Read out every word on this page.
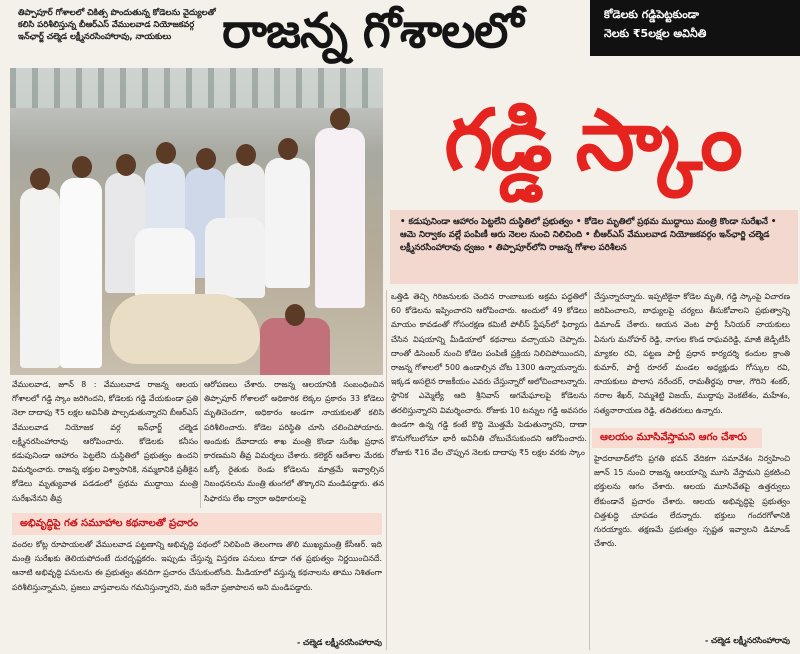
తిప్పాపూర్ గోశాలలో చికిత్స పొందుతున్న కోడెలను వైద్యులతో కలిసి పరిశీలిస్తున్న బీఆర్ఎస్ వేములవాడ నియోజకవర్గ ఇన్‌ఛార్జ్ చల్మెడ లక్ష్మీనరసింహారావు, నాయకులు	రాజన్న గోశాలలో	కోడెలకు గడ్డిపెట్టకుండా
నెలకు ₹5లక్షల అవినీతి
గడ్డి స్కాం
• కడుపునిండా ఆహారం పెట్టలేని దుస్థితిలో ప్రభుత్వం • కోడెల మృతిలో ప్రథమ ముద్దాయి మంత్రి కొండా సురేఖనే • ఆమె నిర్వాకం వల్లే పంపిణీ ఆరు నెలల నుంచి నిలిచింది • బీఆర్ఎస్ వేములవాడ నియోజకవర్గం ఇన్‌ఛార్జి చల్మెడ లక్ష్మీనరసింహారావు ధ్వజం • తిప్పాపూర్‌లోని రాజన్న గోశాల పరిశీలన
వేములవాడ, జూన్ 8 : వేములవాడ రాజన్న ఆలయ గోశాలలో గడ్డి స్కాం జరిగిందని, కోడెలకు గడ్డి వేయకుండా ప్రతి నెలా దాదాపు ₹5 లక్షల అవినీతి పాల్పడుతున్నారని బీఆర్ఎస్ వేములవాడ నియోజక వర్గ ఇన్‌ఛార్జ్ చల్మెడ లక్ష్మీనరసింహారావు ఆరోపించారు. కోడెలకు కనీసం కడుపునిండా ఆహారం పెట్టలేని దుస్థితిలో ప్రభుత్వం ఉందని విమర్శించారు. రాజన్న భక్తుల విశ్వాసానికి, నమ్మకానికి ప్రతీకైన కోడెలు మృత్యువాత పడడంలో ప్రథమ ముద్దాయి మంత్రి సురేఖనేనని తీవ్ర
ఆరోపణలు చేశారు. రాజన్న ఆలయానికి సంబంధించిన తిప్పాపూర్ గోశాలలో అధికారిక లెక్కల ప్రకారం 33 కోడెలు మృతిచెందగా, అధికారం అండగా నాయకులతో కలిసి పరిశీలించారు. కోడెల పరిస్థితి చూసి చలించిపోయారు. అందుకు దేవాదాయ శాఖ మంత్రి కొండా సురేఖ ప్రధాన కారణమని తీవ్ర విమర్శలు చేశారు. కలెక్టర్ ఆదేశాల మేరకు ఒక్కో రైతుకు రెండు కోడెలను మాత్రమే ఇవ్వాల్సిన నిబంధనలను మంత్రి తుంగలో తొక్కారని మండిపడ్డారు. తన సిఫారసు లేఖ ద్వారా అధికారులపై
అభివృద్ధిపై గత సమూహాల కథనాలతో ప్రచారం
వందల కోట్ల రూపాయలతో వేములవాడ పట్టణాన్ని అభివృద్ధి పథంలో నిలిపింది తెలంగాణ తొలి ముఖ్యమంత్రి కేసీఆర్. ఇది మంత్రి సురేఖకు తెలియపోదంటే దురదృష్టకరం. ఇప్పుడు చేస్తున్న విస్తరణ పనులు కూడా గత ప్రభుత్వం నిర్ణయించినదే. ఆనాటి అభివృద్ధి పనులను ఈ ప్రభుత్వం తనదిగా ప్రచారం చేసుకుంటోంది. మీడియాలో వస్తున్న కథనాలను తాము నిశితంగా పరిశీలిస్తున్నామని, ప్రజలు వాస్తవాలను గమనిస్తున్నారని, మరి ఇదేనా ప్రజాపాలన అని మండిపడ్డారు.
- చల్మెడ లక్ష్మీనరసింహారావు
ఒత్తిడి తెచ్చి గిరిజనులకు చెందిన రాంబాబుకు అక్రమ పద్ధతిలో 60 కోడెలను ఇప్పించారని ఆరోపించారు. అందులో 49 కోడెలు మాయం కావడంతో గోసంరక్షణ కమిటీ పోలీస్ స్టేషన్‌లో ఫిర్యాదు చేసిన విషయాన్ని మీడియాలో కథనాలు వచ్చాయని చెప్పారు. దాంతో డిసెంబర్ నుంచి కోడెల పంపిణీ ప్రక్రియ నిలిచిపోయిందని, రాజన్న గోశాలలో 500 ఉండాల్సిన చోట 1300 ఉన్నాయన్నారు. ఇక్కడ అసలైన రాజకీయం ఎవరు చేస్తున్నారో ఆలోచించాలన్నారు. స్థానిక ఎమ్మెల్యే ఆది శ్రీనివాస్ ఆగమేఘాలపై కోడెలను తరలిస్తున్నారని విమర్శించారు. రోజుకు 10 టన్నుల గడ్డి అవసరం ఉండగా ఉన్న గడ్డి కంటే కొద్ది మొత్తమే పెడుతున్నారని, దాణా కొనుగోలులోనూ భారీ అవినీతి చోటుచేసుకుందని ఆరోపించారు. రోజుకు ₹16 వేల చొప్పున నెలకు దాదాపు ₹5 లక్షల వరకు స్కాం
చేస్తున్నారన్నారు. ఇప్పటికైనా కోడెల మృతి, గడ్డి స్కాంపై విచారణ జరిపించాలని, బాధ్యులపై చర్యలు తీసుకోవాలని ప్రభుత్వాన్ని డిమాండ్ చేశారు. ఆయన వెంట పార్టీ సీనియర్ నాయకులు ఏనుగు మనోహర్ రెడ్డి, నాగుల కొండ రాఘవరెడ్డి, మాజీ జెడ్పీటీసీ మ్యాకల రవి, పట్టణ పార్టీ ప్రధాన కార్యదర్శి కందుల క్రాంతి కుమార్, పార్టీ రూరల్ మండల అధ్యక్షుడు గోస్కుల రవి, నాయకులు పొలాస నరేందర్, రామతీర్థపు రాజు, గౌరిని శంకర్, నరాల శేఖర్, నిమ్మశెట్టి విజయ్, ముద్దాపు వెంకటేశం, మహేశం, సత్యనారాయణ రెడ్డి, తదితరులు ఉన్నారు.
ఆలయం మూసివేస్తామని ఆగం చేశారు
హైదరాబాద్‌లోని ప్రగతి భవన్ వేదికగా సమావేశం నిర్వహించి జూన్ 15 నుంచి రాజన్న ఆలయాన్ని మూసి వేస్తామని ప్రకటించి భక్తులను ఆగం చేశారు. ఆలయ మూసివేతపై ఉత్తర్వులు లేకుండానే ప్రచారం చేశారు. ఆలయ అభివృద్ధిపై ప్రభుత్వం చిత్తశుద్ధి చూపడం లేదన్నారు. భక్తులు గందరగోళానికి గురయ్యారు. తక్షణమే ప్రభుత్వం స్పష్టత ఇవ్వాలని డిమాండ్ చేశారు.
- చల్మెడ లక్ష్మీనరసింహారావు
